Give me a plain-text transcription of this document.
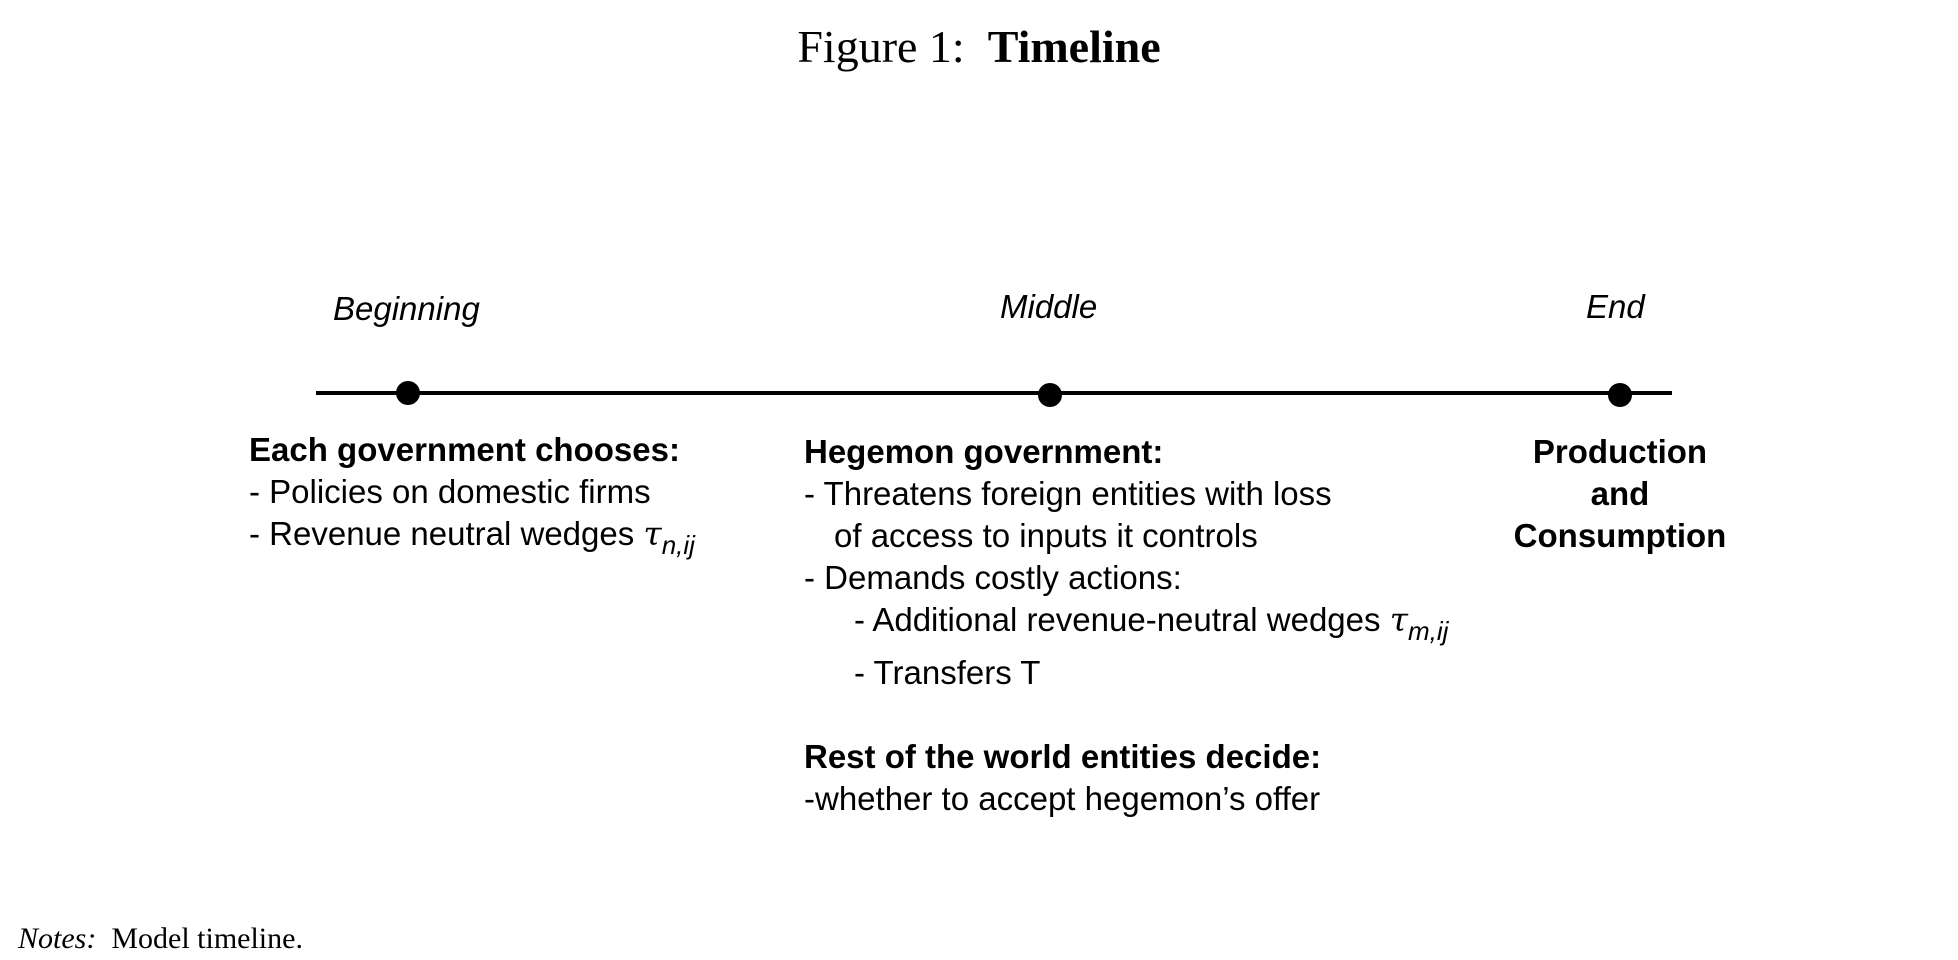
Figure 1: Timeline
Beginning	Middle	End
Each government chooses:
- Policies on domestic firms
- Revenue neutral wedges $\tau_{n,ij}$
Hegemon government:
- Threatens foreign entities with loss
of access to inputs it controls
- Demands costly actions:
- Additional revenue-neutral wedges $\tau_{m,ij}$
- Transfers T
Rest of the world entities decide:
-whether to accept hegemon’s offer
Production
and
Consumption
Notes: Model timeline.
